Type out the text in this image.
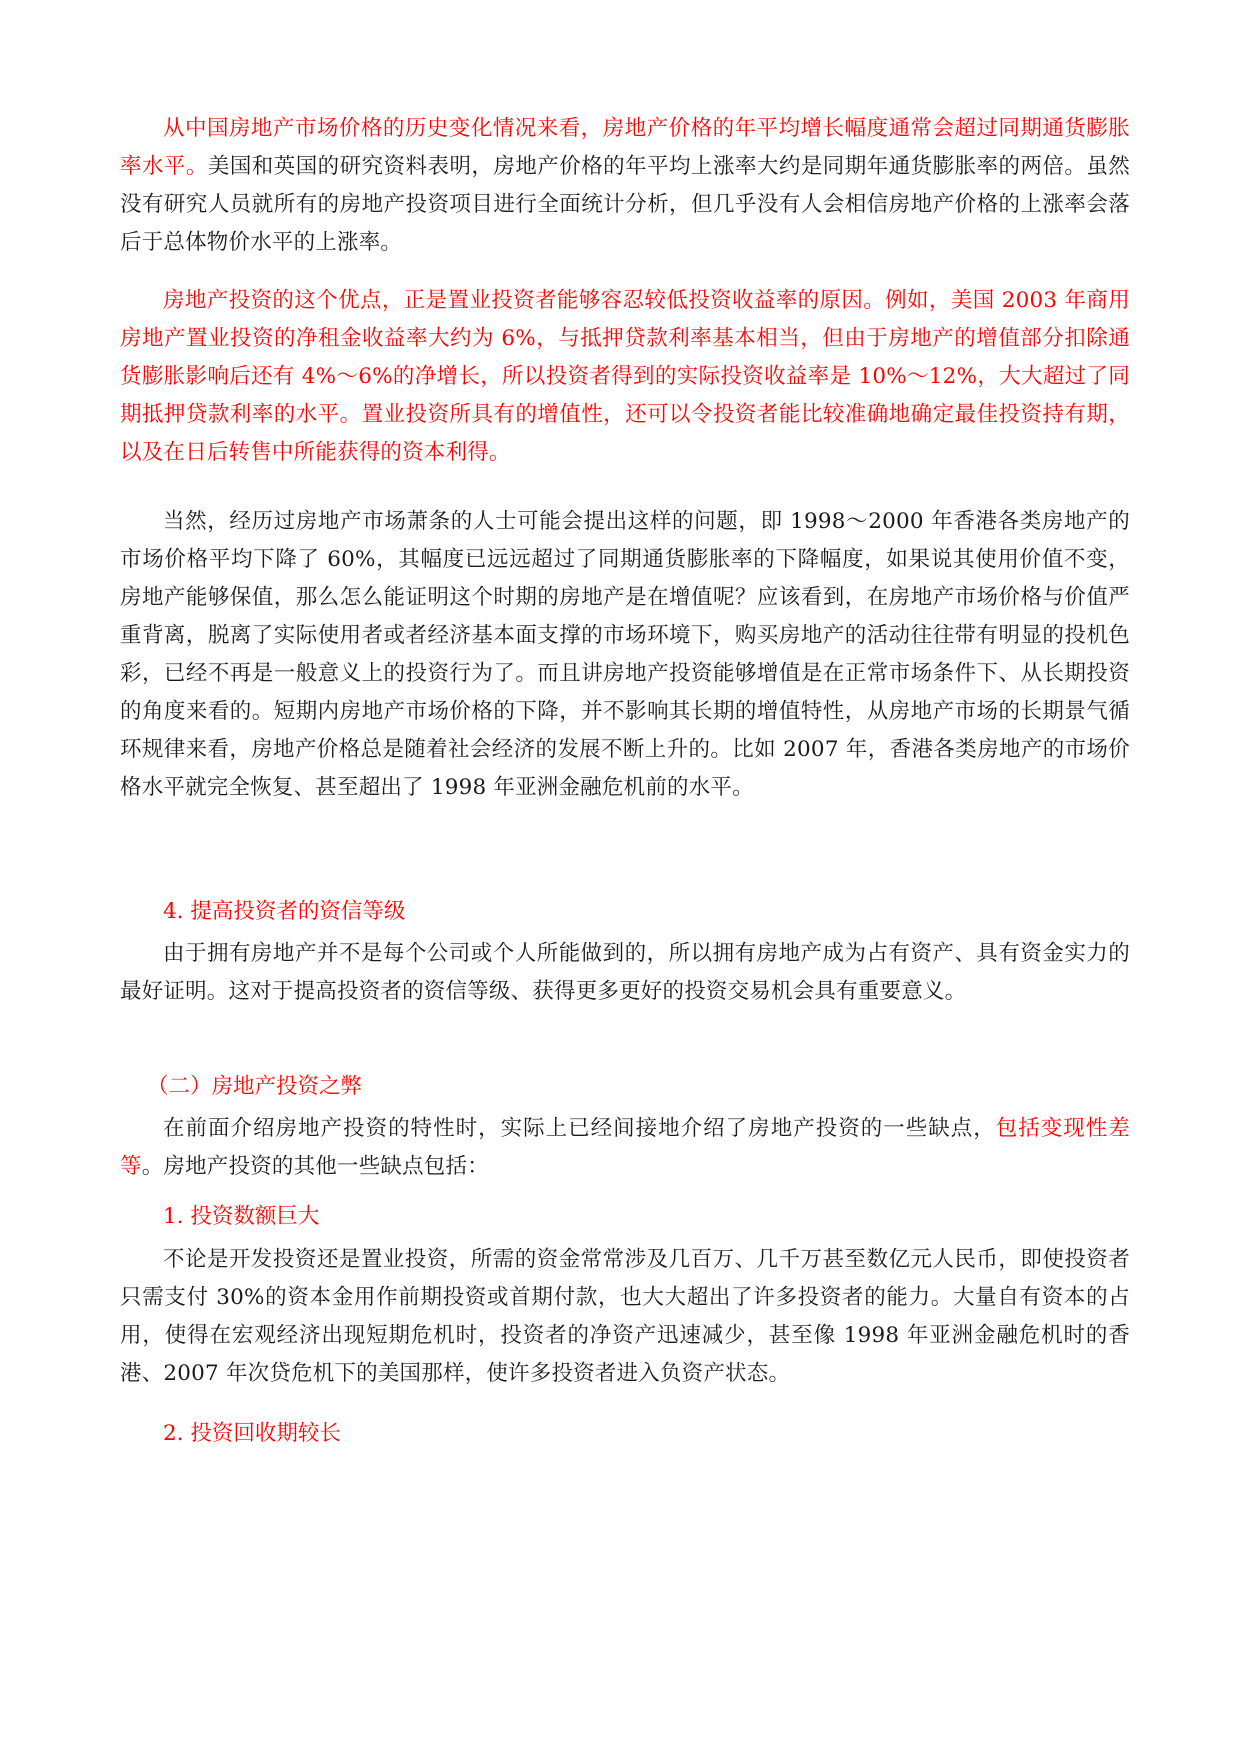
从中国房地产市场价格的历史变化情况来看，房地产价格的年平均增长幅度通常会超过同期通货膨胀率水平。美国和英国的研究资料表明，房地产价格的年平均上涨率大约是同期年通货膨胀率的两倍。虽然没有研究人员就所有的房地产投资项目进行全面统计分析，但几乎没有人会相信房地产价格的上涨率会落后于总体物价水平的上涨率。

房地产投资的这个优点，正是置业投资者能够容忍较低投资收益率的原因。例如，美国 2003 年商用房地产置业投资的净租金收益率大约为 6%，与抵押贷款利率基本相当，但由于房地产的增值部分扣除通货膨胀影响后还有 4%～6%的净增长，所以投资者得到的实际投资收益率是 10%～12%，大大超过了同期抵押贷款利率的水平。置业投资所具有的增值性，还可以令投资者能比较准确地确定最佳投资持有期，以及在日后转售中所能获得的资本利得。

当然，经历过房地产市场萧条的人士可能会提出这样的问题，即 1998～2000 年香港各类房地产的市场价格平均下降了 60%，其幅度已远远超过了同期通货膨胀率的下降幅度，如果说其使用价值不变，房地产能够保值，那么怎么能证明这个时期的房地产是在增值呢？应该看到，在房地产市场价格与价值严重背离，脱离了实际使用者或者经济基本面支撑的市场环境下，购买房地产的活动往往带有明显的投机色彩，已经不再是一般意义上的投资行为了。而且讲房地产投资能够增值是在正常市场条件下、从长期投资的角度来看的。短期内房地产市场价格的下降，并不影响其长期的增值特性，从房地产市场的长期景气循环规律来看，房地产价格总是随着社会经济的发展不断上升的。比如 2007 年，香港各类房地产的市场价格水平就完全恢复、甚至超出了 1998 年亚洲金融危机前的水平。

4. 提高投资者的资信等级

由于拥有房地产并不是每个公司或个人所能做到的，所以拥有房地产成为占有资产、具有资金实力的最好证明。这对于提高投资者的资信等级、获得更多更好的投资交易机会具有重要意义。

（二）房地产投资之弊

在前面介绍房地产投资的特性时，实际上已经间接地介绍了房地产投资的一些缺点，包括变现性差等。房地产投资的其他一些缺点包括：

1. 投资数额巨大

不论是开发投资还是置业投资，所需的资金常常涉及几百万、几千万甚至数亿元人民币，即使投资者只需支付 30%的资本金用作前期投资或首期付款，也大大超出了许多投资者的能力。大量自有资本的占用，使得在宏观经济出现短期危机时，投资者的净资产迅速减少，甚至像 1998 年亚洲金融危机时的香港、2007 年次贷危机下的美国那样，使许多投资者进入负资产状态。

2. 投资回收期较长
